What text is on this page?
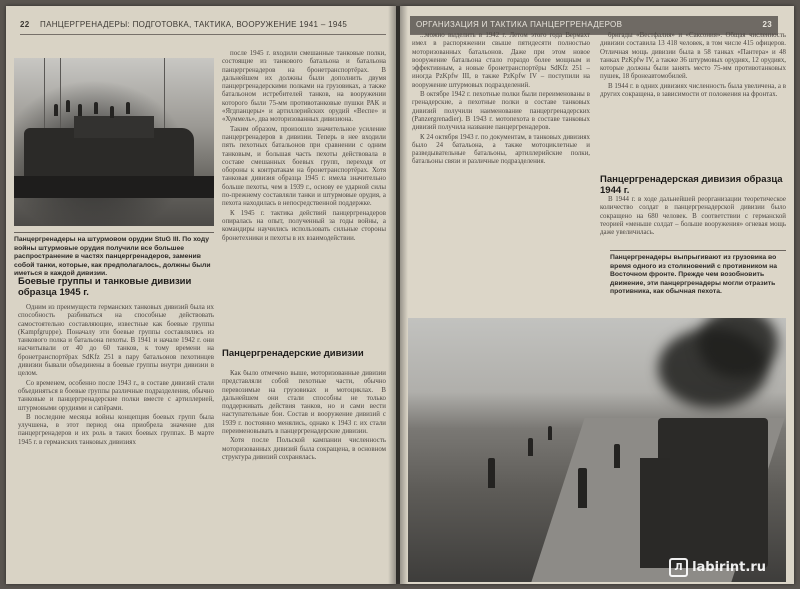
22 ПАНЦЕРГРЕНАДЕРЫ: ПОДГОТОВКА, ТАКТИКА, ВООРУЖЕНИЕ 1941 – 1945
Панцергренадеры на штурмовом орудии StuG III. По ходу войны штурмовые орудия получили все большее распространение в частях панцергренадеров, заменив собой танки, которые, как предполагалось, должны были иметься в каждой дивизии.
Боевые группы и танковые дивизии образца 1945 г.

Одним из преимуществ германских танковых дивизий была их способность разбиваться на способные действовать самостоятельно составляющие, известные как боевые группы (Kampfgruppe). Поначалу эти боевые группы составлялись из танкового полка и батальона пехоты. В 1941 и начале 1942 г. они насчитывали от 40 до 60 танков, к тому времени на бронетранспортёрах SdKfz 251 в пару батальонов пехотинцев дивизии бывали объединены в боевые группы внутри дивизии в целом.

Со временем, особенно после 1943 г., в составе дивизий стали объединяться в боевые группы различные подразделения, обычно танковые и панцергренадерские полки вместе с артиллерией, штурмовыми орудиями и сапёрами.

В последние месяцы войны концепция боевых групп была улучшена, в этот период она приобрела значение для панцергренадеров и их роль в таких боевых группах. В марте 1945 г. в германских танковых дивизиях

после 1945 г. входили смешанные танковые полки, состоящие из танкового батальона и батальона панцергренадеров на бронетранспортёрах. В дальнейшем их должны были дополнить двумя панцергренадерскими полками на грузовиках, а также батальоном истребителей танков, на вооружении которого были 75-мм противотанковые пушки РАК и «Ягдпанцеры» и артиллерийских орудий «Веспе» и «Хуммель», два моторизованных дивизиона.

Таким образом, произошло значительное усиление панцергренадеров в дивизии. Теперь в нее входили пять пехотных батальонов при сравнении с одним танковым, и большая часть пехоты действовала в составе смешанных боевых групп, переходя от обороны к контратакам на бронетранспортёрах. Хотя танковая дивизия образца 1945 г. имела значительно больше пехоты, чем в 1939 г., основу ее ударной силы по-прежнему составляли танки и штурмовые орудия, а пехота находилась в непосредственной поддержке.

К 1945 г. тактика действий панцергренадеров опиралась на опыт, полученный за годы войны, а командиры научились использовать сильные стороны бронетехники и пехоты в их взаимодействии.

Панцергренадерские дивизии

Как было отмечено выше, моторизованные дивизии представляли собой пехотные части, обычно перевозимые на грузовиках и мотоциклах. В дальнейшем они стали способны не только поддерживать действия танков, но и сами вести наступательные бои. Состав и вооружение дивизий с 1939 г. постоянно менялись, однако к 1943 г. их стали переименовывать в панцергренадерские дивизии.

Хотя после Польской кампании численность моторизованных дивизий была сокращена, в основном структура дивизий сохранялась.

23
ОРГАНИЗАЦИЯ И ТАКТИКА ПАНЦЕРГРЕНАДЕРОВ

...можно выделить в 1942 г. Летом этого года Вермахт имел в распоряжении свыше пятидесяти полностью моторизованных батальонов. Даже при этом новое вооружение батальона стало гораздо более мощным и эффективным, а новые бронетранспортёры SdKfz 251 – иногда PzKpfw III, в также PzKpfw IV – поступили на вооружение штурмовых подразделений.

В октябре 1942 г. пехотные полки были переименованы в гренадерские, а пехотные полки в составе танковых дивизий получили наименование панцергренадерских (Panzergrenadier). В 1943 г. мотопехота в составе танковых дивизий получила название панцергренадеров.

К 24 октября 1943 г. по документам, в танковых дивизиях было 24 батальона, а также мотоциклетные и разведывательные батальоны, артиллерийские полки, батальоны связи и различные подразделения.

бригады «Вестфалия» и «Саксония». Общая численность дивизии составила 13 418 человек, в том числе 415 офицеров. Отличная мощь дивизии была в 58 танках «Пантера» и 48 танках PzKpfw IV, а также 36 штурмовых орудиях, 12 орудиях, которые должны были занять место 75-мм противотанковых пушек, 18 бронеавтомобилей.

В 1944 г. в одних дивизиях численность была увеличена, а в других сокращена, в зависимости от положения на фронтах.

Панцергренадерская дивизия образца 1944 г.

В 1944 г. в ходе дальнейшей реорганизации теоретическое количество солдат в панцергренадерской дивизии было сокращено на 680 человек. В соответствии с германской теорией «меньше солдат – больше вооружения» огневая мощь даже увеличилась.

Панцергренадеры выпрыгивают из грузовика во время одного из столкновений с противником на Восточном фронте. Прежде чем возобновить движение, эти панцергренадеры могли отразить противника, как обычная пехота.
Л labirint.ru
